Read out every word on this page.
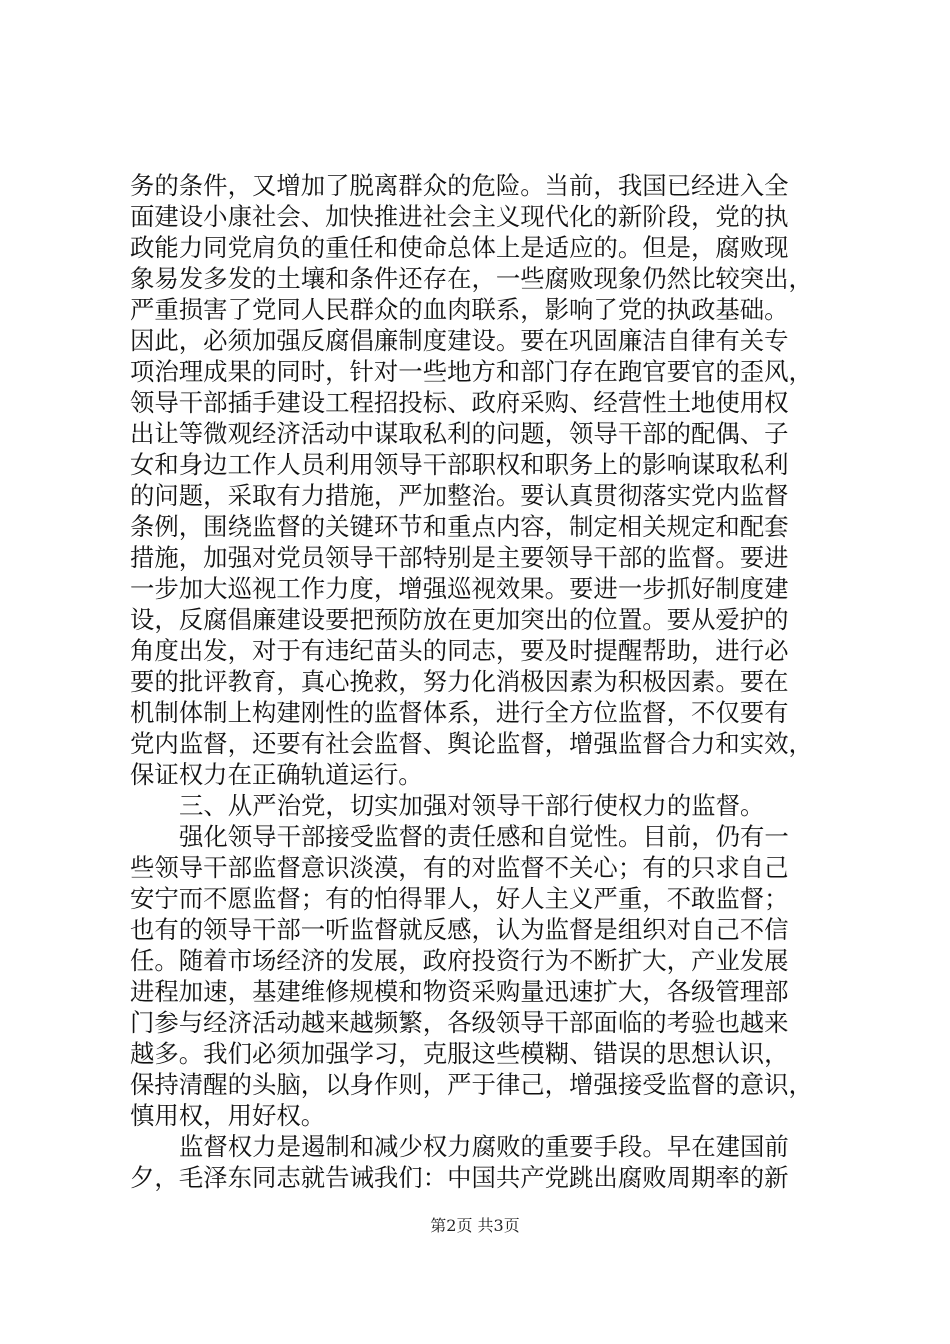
务的条件，又增加了脱离群众的危险。当前，我国已经进入全
面建设小康社会、加快推进社会主义现代化的新阶段，党的执
政能力同党肩负的重任和使命总体上是适应的。但是，腐败现
象易发多发的土壤和条件还存在，一些腐败现象仍然比较突出，
严重损害了党同人民群众的血肉联系，影响了党的执政基础。
因此，必须加强反腐倡廉制度建设。要在巩固廉洁自律有关专
项治理成果的同时，针对一些地方和部门存在跑官要官的歪风，
领导干部插手建设工程招投标、政府采购、经营性土地使用权
出让等微观经济活动中谋取私利的问题，领导干部的配偶、子
女和身边工作人员利用领导干部职权和职务上的影响谋取私利
的问题，采取有力措施，严加整治。要认真贯彻落实党内监督
条例，围绕监督的关键环节和重点内容，制定相关规定和配套
措施，加强对党员领导干部特别是主要领导干部的监督。要进
一步加大巡视工作力度，增强巡视效果。要进一步抓好制度建
设，反腐倡廉建设要把预防放在更加突出的位置。要从爱护的
角度出发，对于有违纪苗头的同志，要及时提醒帮助，进行必
要的批评教育，真心挽救，努力化消极因素为积极因素。要在
机制体制上构建刚性的监督体系，进行全方位监督，不仅要有
党内监督，还要有社会监督、舆论监督，增强监督合力和实效，
保证权力在正确轨道运行。
三、从严治党，切实加强对领导干部行使权力的监督。
强化领导干部接受监督的责任感和自觉性。目前，仍有一
些领导干部监督意识淡漠，有的对监督不关心；有的只求自己
安宁而不愿监督；有的怕得罪人，好人主义严重，不敢监督；
也有的领导干部一听监督就反感，认为监督是组织对自己不信
任。随着市场经济的发展，政府投资行为不断扩大，产业发展
进程加速，基建维修规模和物资采购量迅速扩大，各级管理部
门参与经济活动越来越频繁，各级领导干部面临的考验也越来
越多。我们必须加强学习，克服这些模糊、错误的思想认识，
保持清醒的头脑，以身作则，严于律己，增强接受监督的意识，
慎用权，用好权。
监督权力是遏制和减少权力腐败的重要手段。早在建国前
夕，毛泽东同志就告诫我们：中国共产党跳出腐败周期率的新
第2页 共3页
